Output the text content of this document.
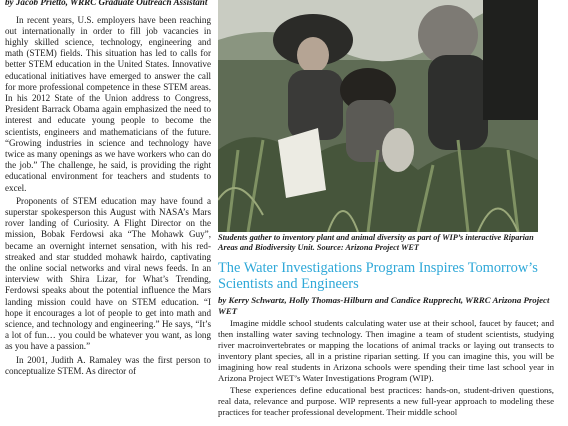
by Jacob Prietto, WRRC Graduate Outreach Assistant

In recent years, U.S. employers have been reaching out internationally in order to fill job vacancies in highly skilled science, technology, engineering and math (STEM) fields. This situation has led to calls for better STEM education in the United States. Innovative educational initiatives have emerged to answer the call for more professional competence in these STEM areas. In his 2012 State of the Union address to Congress, President Barrack Obama again emphasized the need to interest and educate young people to become the scientists, engineers and mathematicians of the future. “Growing industries in science and technology have twice as many openings as we have workers who can do the job.” The challenge, he said, is providing the right educational environment for teachers and students to excel.

Proponents of STEM education may have found a superstar spokesperson this August with NASA’s Mars rover landing of Curiosity. A Flight Director on the mission, Bobak Ferdowsi aka “The Mohawk Guy”, became an overnight internet sensation, with his red-streaked and star studded mohawk hairdo, captivating the online social networks and viral news feeds. In an interview with Shira Lizar, for What’s Trending, Ferdowsi speaks about the potential influence the Mars landing mission could have on STEM education. “I hope it encourages a lot of people to get into math and science, and technology and engineering.” He says, “It’s a lot of fun… you could be whatever you want, as long as you have a passion.”

In 2001, Judith A. Ramaley was the first person to conceptualize STEM. As director of

Students gather to inventory plant and animal diversity as part of WIP’s interactive Riparian Areas and Biodiversity Unit. Source: Arizona Project WET
The Water Investigations Program Inspires Tomorrow’s Scientists and Engineers
by Kerry Schwartz, Holly Thomas-Hilburn and Candice Rupprecht, WRRC Arizona Project WET

Imagine middle school students calculating water use at their school, faucet by faucet; and then installing water saving technology. Then imagine a team of student scientists, studying river macroinvertebrates or mapping the locations of animal tracks or laying out transects to inventory plant species, all in a pristine riparian setting. If you can imagine this, you will be imagining how real students in Arizona schools were spending their time last school year in Arizona Project WET’s Water Investigations Program (WIP).

These experiences define educational best practices: hands-on, student-driven questions, real data, relevance and purpose. WIP represents a new full-year approach to modeling these practices for teacher professional development. Their middle school
